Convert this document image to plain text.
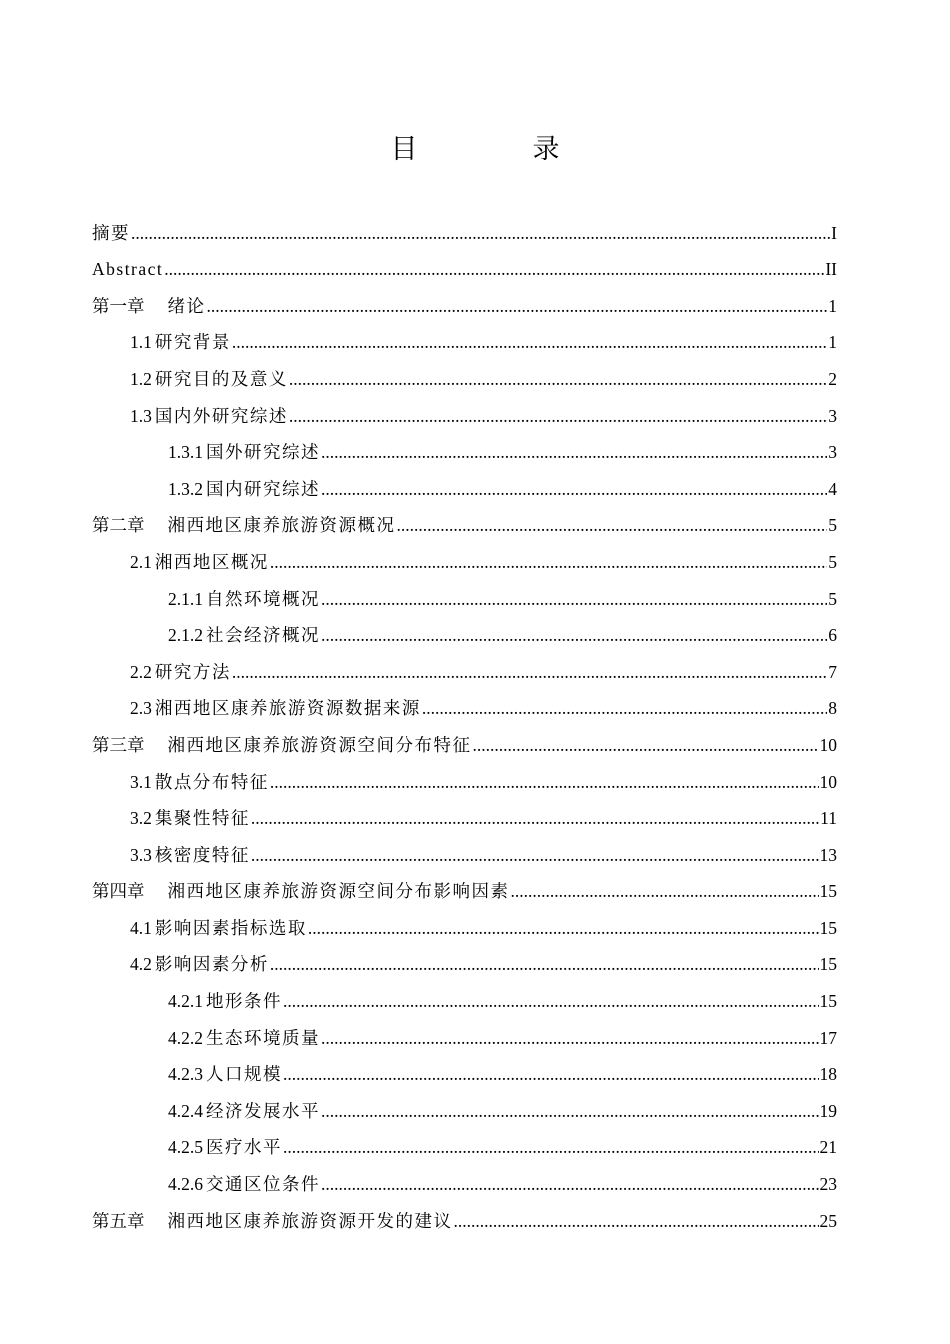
目　录
摘要 .....	I
Abstract .....	II
第一章 绪论 .....	1
1.1 研究背景 .....	1
1.2 研究目的及意义 .....	2
1.3 国内外研究综述 .....	3
1.3.1 国外研究综述 .....	3
1.3.2 国内研究综述 .....	4
第二章 湘西地区康养旅游资源概况 .....	5
2.1 湘西地区概况 .....	5
2.1.1 自然环境概况 .....	5
2.1.2 社会经济概况 .....	6
2.2 研究方法 .....	7
2.3 湘西地区康养旅游资源数据来源 .....	8
第三章 湘西地区康养旅游资源空间分布特征 .....	10
3.1 散点分布特征 .....	10
3.2 集聚性特征 .....	11
3.3 核密度特征 .....	13
第四章 湘西地区康养旅游资源空间分布影响因素 .....	15
4.1 影响因素指标选取 .....	15
4.2 影响因素分析 .....	15
4.2.1 地形条件 .....	15
4.2.2 生态环境质量 .....	17
4.2.3 人口规模 .....	18
4.2.4 经济发展水平 .....	19
4.2.5 医疗水平 .....	21
4.2.6 交通区位条件 .....	23
第五章 湘西地区康养旅游资源开发的建议 .....	25
